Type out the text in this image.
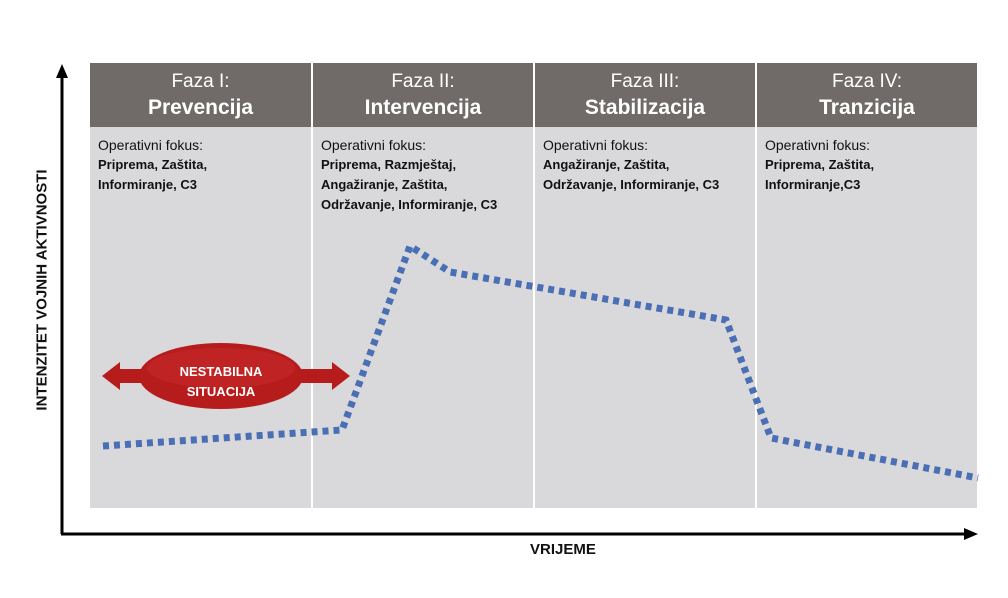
Faza I:
Prevencija
Operativni fokus:
Priprema, Zaštita,
Informiranje, C3
Faza II:
Intervencija
Operativni fokus:
Priprema, Razmještaj,
Angažiranje, Zaštita,
Održavanje, Informiranje, C3
Faza III:
Stabilizacija
Operativni fokus:
Angažiranje, Zaštita,
Održavanje, Informiranje, C3
Faza IV:
Tranzicija
Operativni fokus:
Priprema, Zaštita,
Informiranje,C3
NESTABILNA
SITUACIJA
INTENZITET VOJNIH AKTIVNOSTI
VRIJEME
